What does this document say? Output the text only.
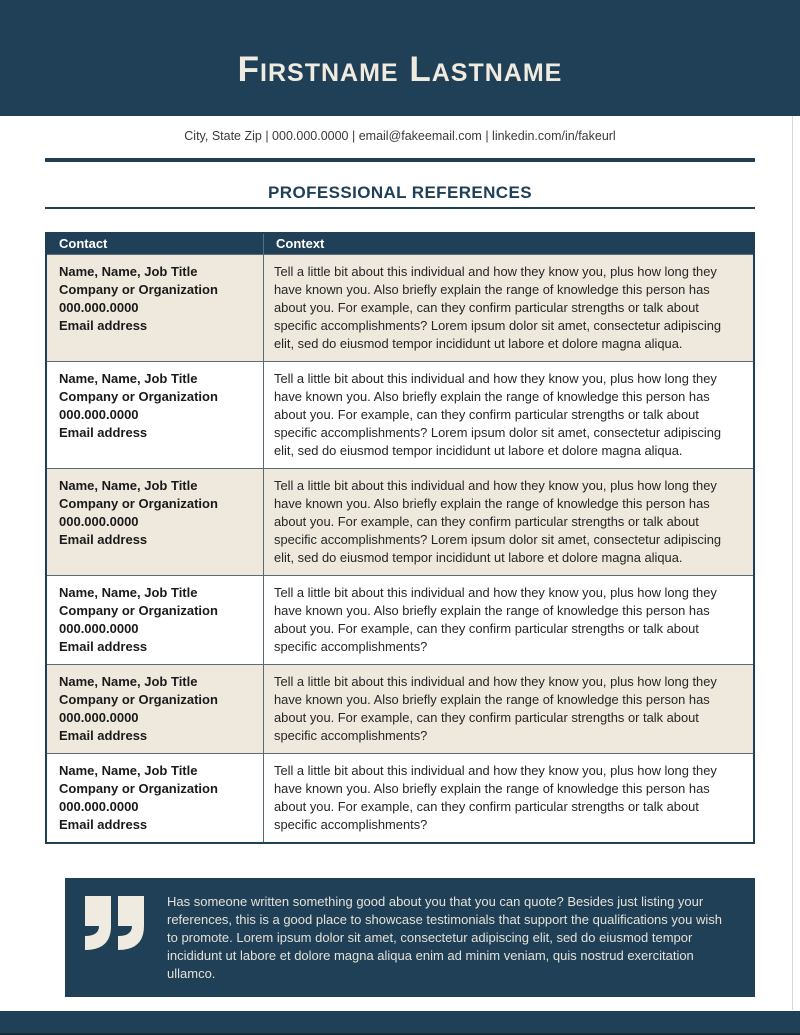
Firstname Lastname
City, State Zip | 000.000.0000 | email@fakeemail.com | linkedin.com/in/fakeurl
PROFESSIONAL REFERENCES
Contact	Context
Name, Name, Job Title
Company or Organization
000.000.0000
Email address
Tell a little bit about this individual and how they know you, plus how long they have known you. Also briefly explain the range of knowledge this person has about you. For example, can they confirm particular strengths or talk about specific accomplishments? Lorem ipsum dolor sit amet, consectetur adipiscing elit, sed do eiusmod tempor incididunt ut labore et dolore magna aliqua.
Name, Name, Job Title
Company or Organization
000.000.0000
Email address
Tell a little bit about this individual and how they know you, plus how long they have known you. Also briefly explain the range of knowledge this person has about you. For example, can they confirm particular strengths or talk about specific accomplishments? Lorem ipsum dolor sit amet, consectetur adipiscing elit, sed do eiusmod tempor incididunt ut labore et dolore magna aliqua.
Name, Name, Job Title
Company or Organization
000.000.0000
Email address
Tell a little bit about this individual and how they know you, plus how long they have known you. Also briefly explain the range of knowledge this person has about you. For example, can they confirm particular strengths or talk about specific accomplishments? Lorem ipsum dolor sit amet, consectetur adipiscing elit, sed do eiusmod tempor incididunt ut labore et dolore magna aliqua.
Name, Name, Job Title
Company or Organization
000.000.0000
Email address
Tell a little bit about this individual and how they know you, plus how long they have known you. Also briefly explain the range of knowledge this person has about you. For example, can they confirm particular strengths or talk about specific accomplishments?
Name, Name, Job Title
Company or Organization
000.000.0000
Email address
Tell a little bit about this individual and how they know you, plus how long they have known you. Also briefly explain the range of knowledge this person has about you. For example, can they confirm particular strengths or talk about specific accomplishments?
Name, Name, Job Title
Company or Organization
000.000.0000
Email address
Tell a little bit about this individual and how they know you, plus how long they have known you. Also briefly explain the range of knowledge this person has about you. For example, can they confirm particular strengths or talk about specific accomplishments?

Has someone written something good about you that you can quote? Besides just listing your references, this is a good place to showcase testimonials that support the qualifications you wish to promote. Lorem ipsum dolor sit amet, consectetur adipiscing elit, sed do eiusmod tempor incididunt ut labore et dolore magna aliqua enim ad minim veniam, quis nostrud exercitation ullamco.
